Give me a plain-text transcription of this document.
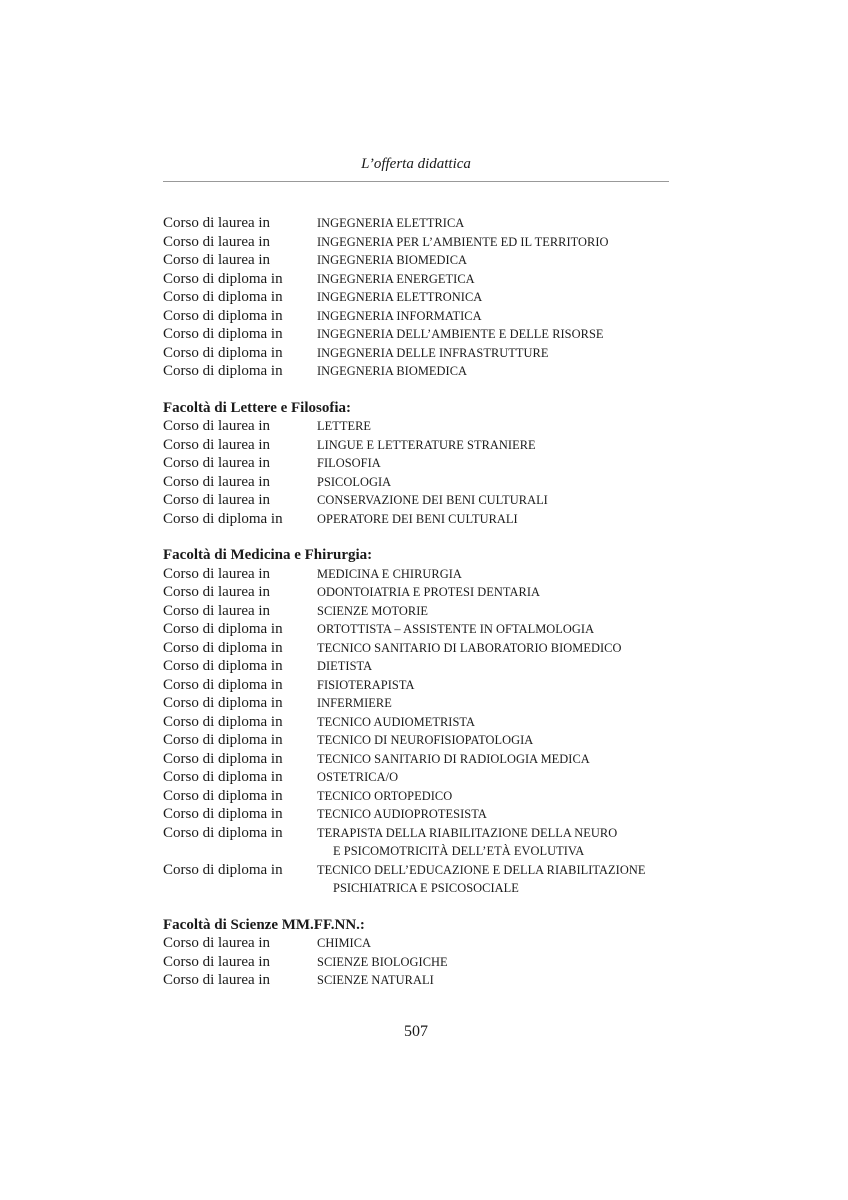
L’offerta didattica
Corso di laurea in	INGEGNERIA ELETTRICA
Corso di laurea in	INGEGNERIA PER L’AMBIENTE ED IL TERRITORIO
Corso di laurea in	INGEGNERIA BIOMEDICA
Corso di diploma in	INGEGNERIA ENERGETICA
Corso di diploma in	INGEGNERIA ELETTRONICA
Corso di diploma in	INGEGNERIA INFORMATICA
Corso di diploma in	INGEGNERIA DELL’AMBIENTE E DELLE RISORSE
Corso di diploma in	INGEGNERIA DELLE INFRASTRUTTURE
Corso di diploma in	INGEGNERIA BIOMEDICA
Facoltà di Lettere e Filosofia:
Corso di laurea in	LETTERE
Corso di laurea in	LINGUE E LETTERATURE STRANIERE
Corso di laurea in	FILOSOFIA
Corso di laurea in	PSICOLOGIA
Corso di laurea in	CONSERVAZIONE DEI BENI CULTURALI
Corso di diploma in	OPERATORE DEI BENI CULTURALI
Facoltà di Medicina e Fhirurgia:
Corso di laurea in	MEDICINA E CHIRURGIA
Corso di laurea in	ODONTOIATRIA E PROTESI DENTARIA
Corso di laurea in	SCIENZE MOTORIE
Corso di diploma in	ORTOTTISTA – ASSISTENTE IN OFTALMOLOGIA
Corso di diploma in	TECNICO SANITARIO DI LABORATORIO BIOMEDICO
Corso di diploma in	DIETISTA
Corso di diploma in	FISIOTERAPISTA
Corso di diploma in	INFERMIERE
Corso di diploma in	TECNICO AUDIOMETRISTA
Corso di diploma in	TECNICO DI NEUROFISIOPATOLOGIA
Corso di diploma in	TECNICO SANITARIO DI RADIOLOGIA MEDICA
Corso di diploma in	OSTETRICA/O
Corso di diploma in	TECNICO ORTOPEDICO
Corso di diploma in	TECNICO AUDIOPROTESISTA
Corso di diploma in	TERAPISTA DELLA RIABILITAZIONE DELLA NEURO
E PSICOMOTRICITÀ DELL’ETÀ EVOLUTIVA
Corso di diploma in	TECNICO DELL’EDUCAZIONE E DELLA RIABILITAZIONE
PSICHIATRICA E PSICOSOCIALE
Facoltà di Scienze MM.FF.NN.:
Corso di laurea in	CHIMICA
Corso di laurea in	SCIENZE BIOLOGICHE
Corso di laurea in	SCIENZE NATURALI
507
